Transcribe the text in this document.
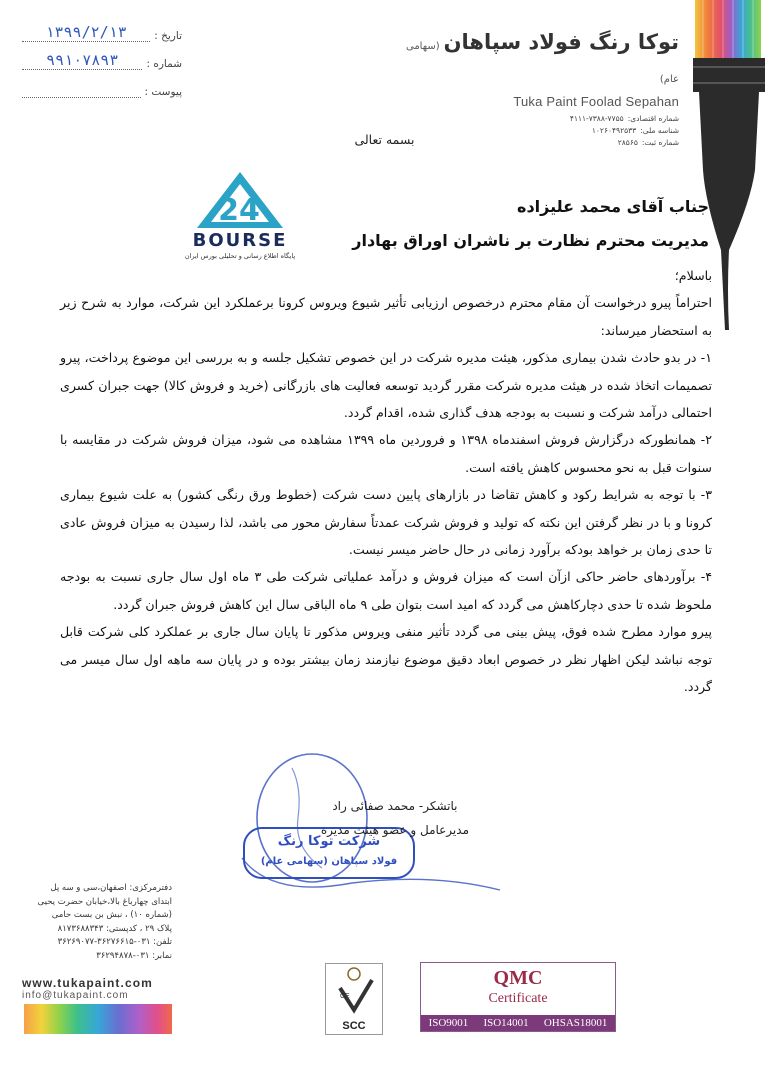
توکا رنگ فولاد سپاهان(سهامی عام)
Tuka Paint Foolad Sepahan
شماره اقتصادی:
۴۱۱۱-۷۳۸۸-۷۷۵۵
شناسه ملی:
۱۰۲۶۰۴۹۲۵۳۳
شماره ثبت:
۲۸۵۶۵
تاریخ :
۱۳۹۹/۲/۱۳
شماره :
۹۹۱۰۷۸۹۳
پیوست :
بسمه تعالی
24
BOURSE
پایگاه اطلاع رسانی و تحلیلی بورس ایران
جناب آقای محمد علیزاده
مدیریت محترم نظارت بر ناشران اوراق بهادار

باسلام؛

احتراماً پیرو درخواست آن مقام محترم درخصوص ارزیابی تأثیر شیوع ویروس کرونا برعملکرد این شرکت، موارد به شرح زیر به استحضار میرساند:

۱- در بدو حادث شدن بیماری مذکور، هیئت مدیره شرکت در این خصوص تشکیل جلسه و به بررسی این موضوع پرداخت، پیرو تصمیمات اتخاذ شده در هیئت مدیره شرکت مقرر گردید توسعه فعالیت های بازرگانی (خرید و فروش کالا) جهت جبران کسری احتمالی درآمد شرکت و نسبت به بودجه هدف گذاری شده، اقدام گردد.

۲- همانطورکه درگزارش فروش اسفندماه ۱۳۹۸ و فروردین ماه ۱۳۹۹ مشاهده می شود، میزان فروش شرکت در مقایسه با سنوات قبل به نحو محسوس کاهش یافته است.

۳- با توجه به شرایط رکود و کاهش تقاضا در بازارهای پایین دست شرکت (خطوط ورق رنگی کشور) به علت شیوع بیماری کرونا و با در نظر گرفتن این نکته که تولید و فروش شرکت عمدتاً سفارش محور می باشد، لذا رسیدن به میزان فروش عادی تا حدی زمان بر خواهد بودکه برآورد زمانی در حال حاضر میسر نیست.

۴- برآوردهای حاضر حاکی ازآن است که میزان فروش و درآمد عملیاتی شرکت طی ۳ ماه اول سال جاری نسبت به بودجه ملحوظ شده تا حدی دچارکاهش می گردد که امید است بتوان طی ۹ ماه الباقی سال این کاهش فروش جبران گردد.

پیرو موارد مطرح شده فوق، پیش بینی می گردد تأثیر منفی ویروس مذکور تا پایان سال جاری بر عملکرد کلی شرکت قابل توجه نباشد لیکن اظهار نظر در خصوص ابعاد دقیق موضوع نیازمند زمان بیشتر بوده و در پایان سه ماهه اول سال میسر می گردد.

شرکت توکا رنگ
فولاد سپاهان (سهامی عام)
باتشکر- محمد صفائی راد
مدیرعامل و عضو هیئت مدیره
دفترمرکزی: اصفهان،سی و سه پل
ابتدای چهارباغ بالا،خیابان حضرت یحیی
(شماره ۱۰) ، نبش بن بست حامی
پلاک ۲۹ ، کدپستی: ۸۱۷۳۶۸۸۳۴۳
تلفن: ۰۳۱-۳۶۲۷۶۶۱۵-۳۶۲۶۹۰۷۷
نمابر: ۰۳۱-۳۶۲۹۴۸۷۸
www.tukapaint.com
info@tukapaint.com	CE
SCC
QMC
Certificate
ISO9001 ISO14001 OHSAS18001
